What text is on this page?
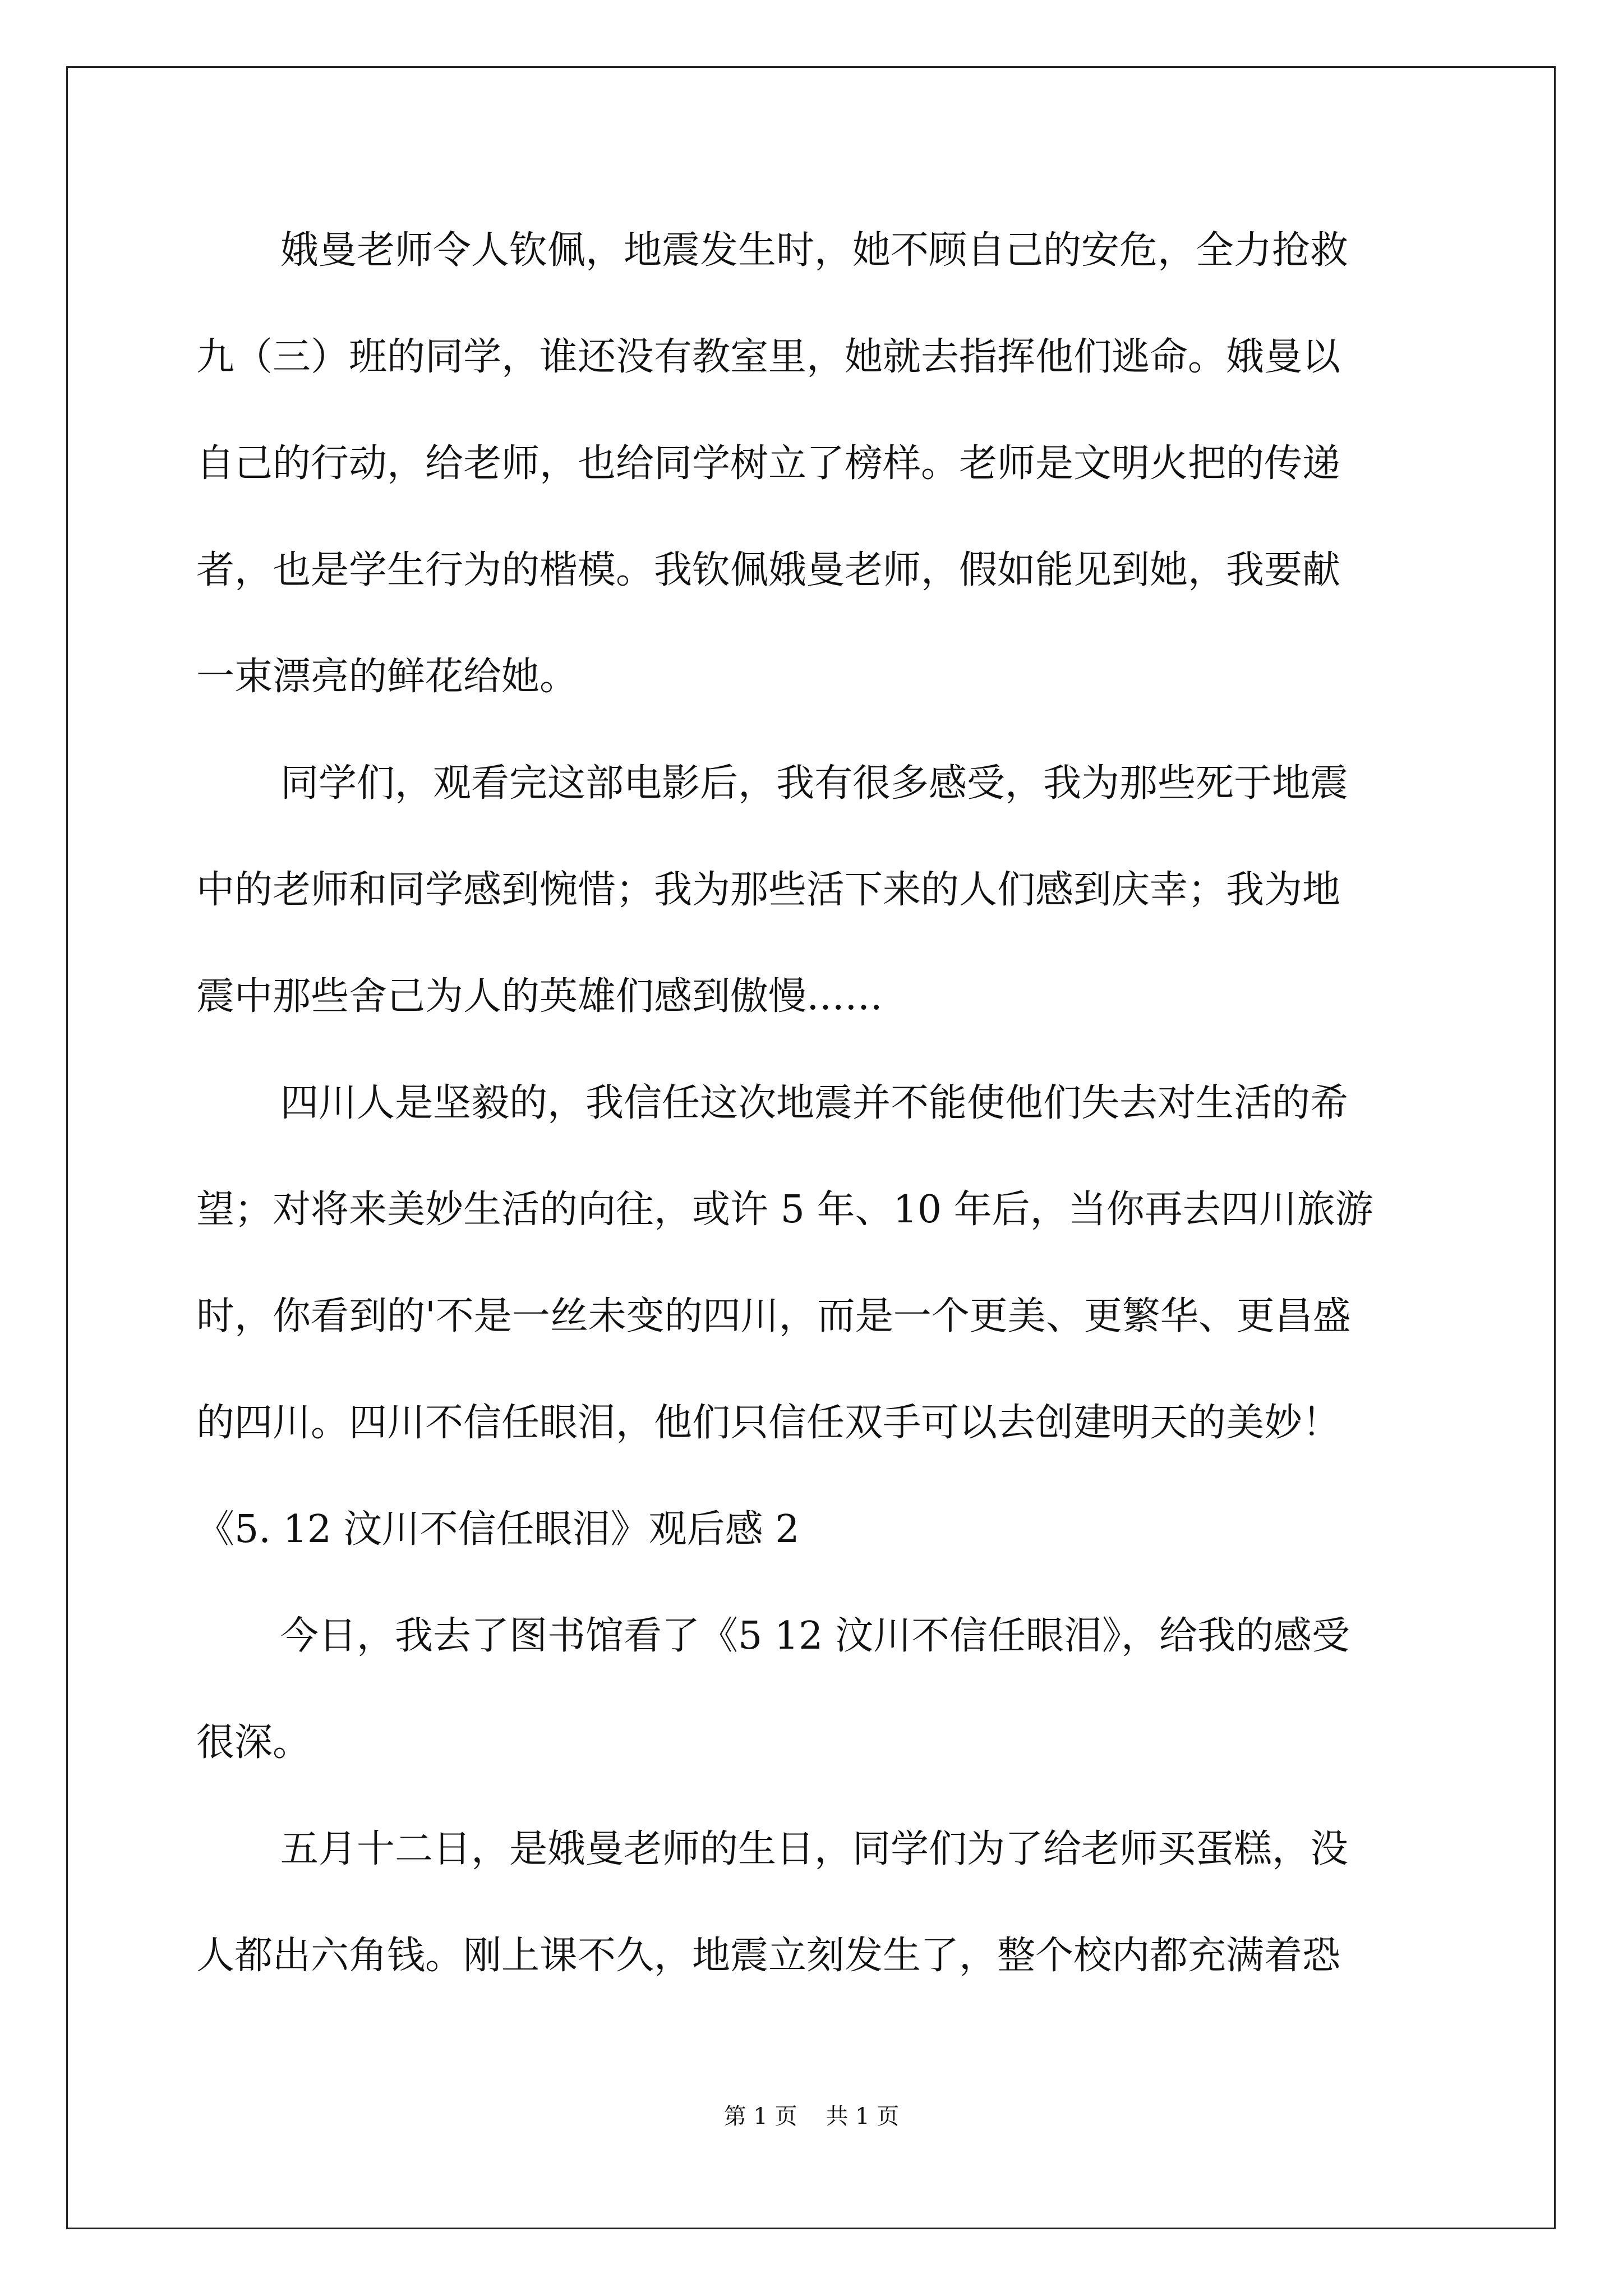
娥曼老师令人钦佩，地震发生时，她不顾自己的安危，全力抢救
九（三）班的同学，谁还没有教室里，她就去指挥他们逃命。娥曼以
自己的行动，给老师，也给同学树立了榜样。老师是文明火把的传递
者，也是学生行为的楷模。我钦佩娥曼老师，假如能见到她，我要献
一束漂亮的鲜花给她。
同学们，观看完这部电影后，我有很多感受，我为那些死于地震
中的老师和同学感到惋惜；我为那些活下来的人们感到庆幸；我为地
震中那些舍己为人的英雄们感到傲慢……
四川人是坚毅的，我信任这次地震并不能使他们失去对生活的希
望；对将来美妙生活的向往，或许 5 年、10 年后，当你再去四川旅游
时，你看到的'不是一丝未变的四川，而是一个更美、更繁华、更昌盛
的四川。四川不信任眼泪，他们只信任双手可以去创建明天的美妙！
《5. 12 汶川不信任眼泪》观后感 2
今日，我去了图书馆看了《5 12 汶川不信任眼泪》，给我的感受
很深。
五月十二日，是娥曼老师的生日，同学们为了给老师买蛋糕，没
人都出六角钱。刚上课不久，地震立刻发生了，整个校内都充满着恐
第 1 页    共 1 页
